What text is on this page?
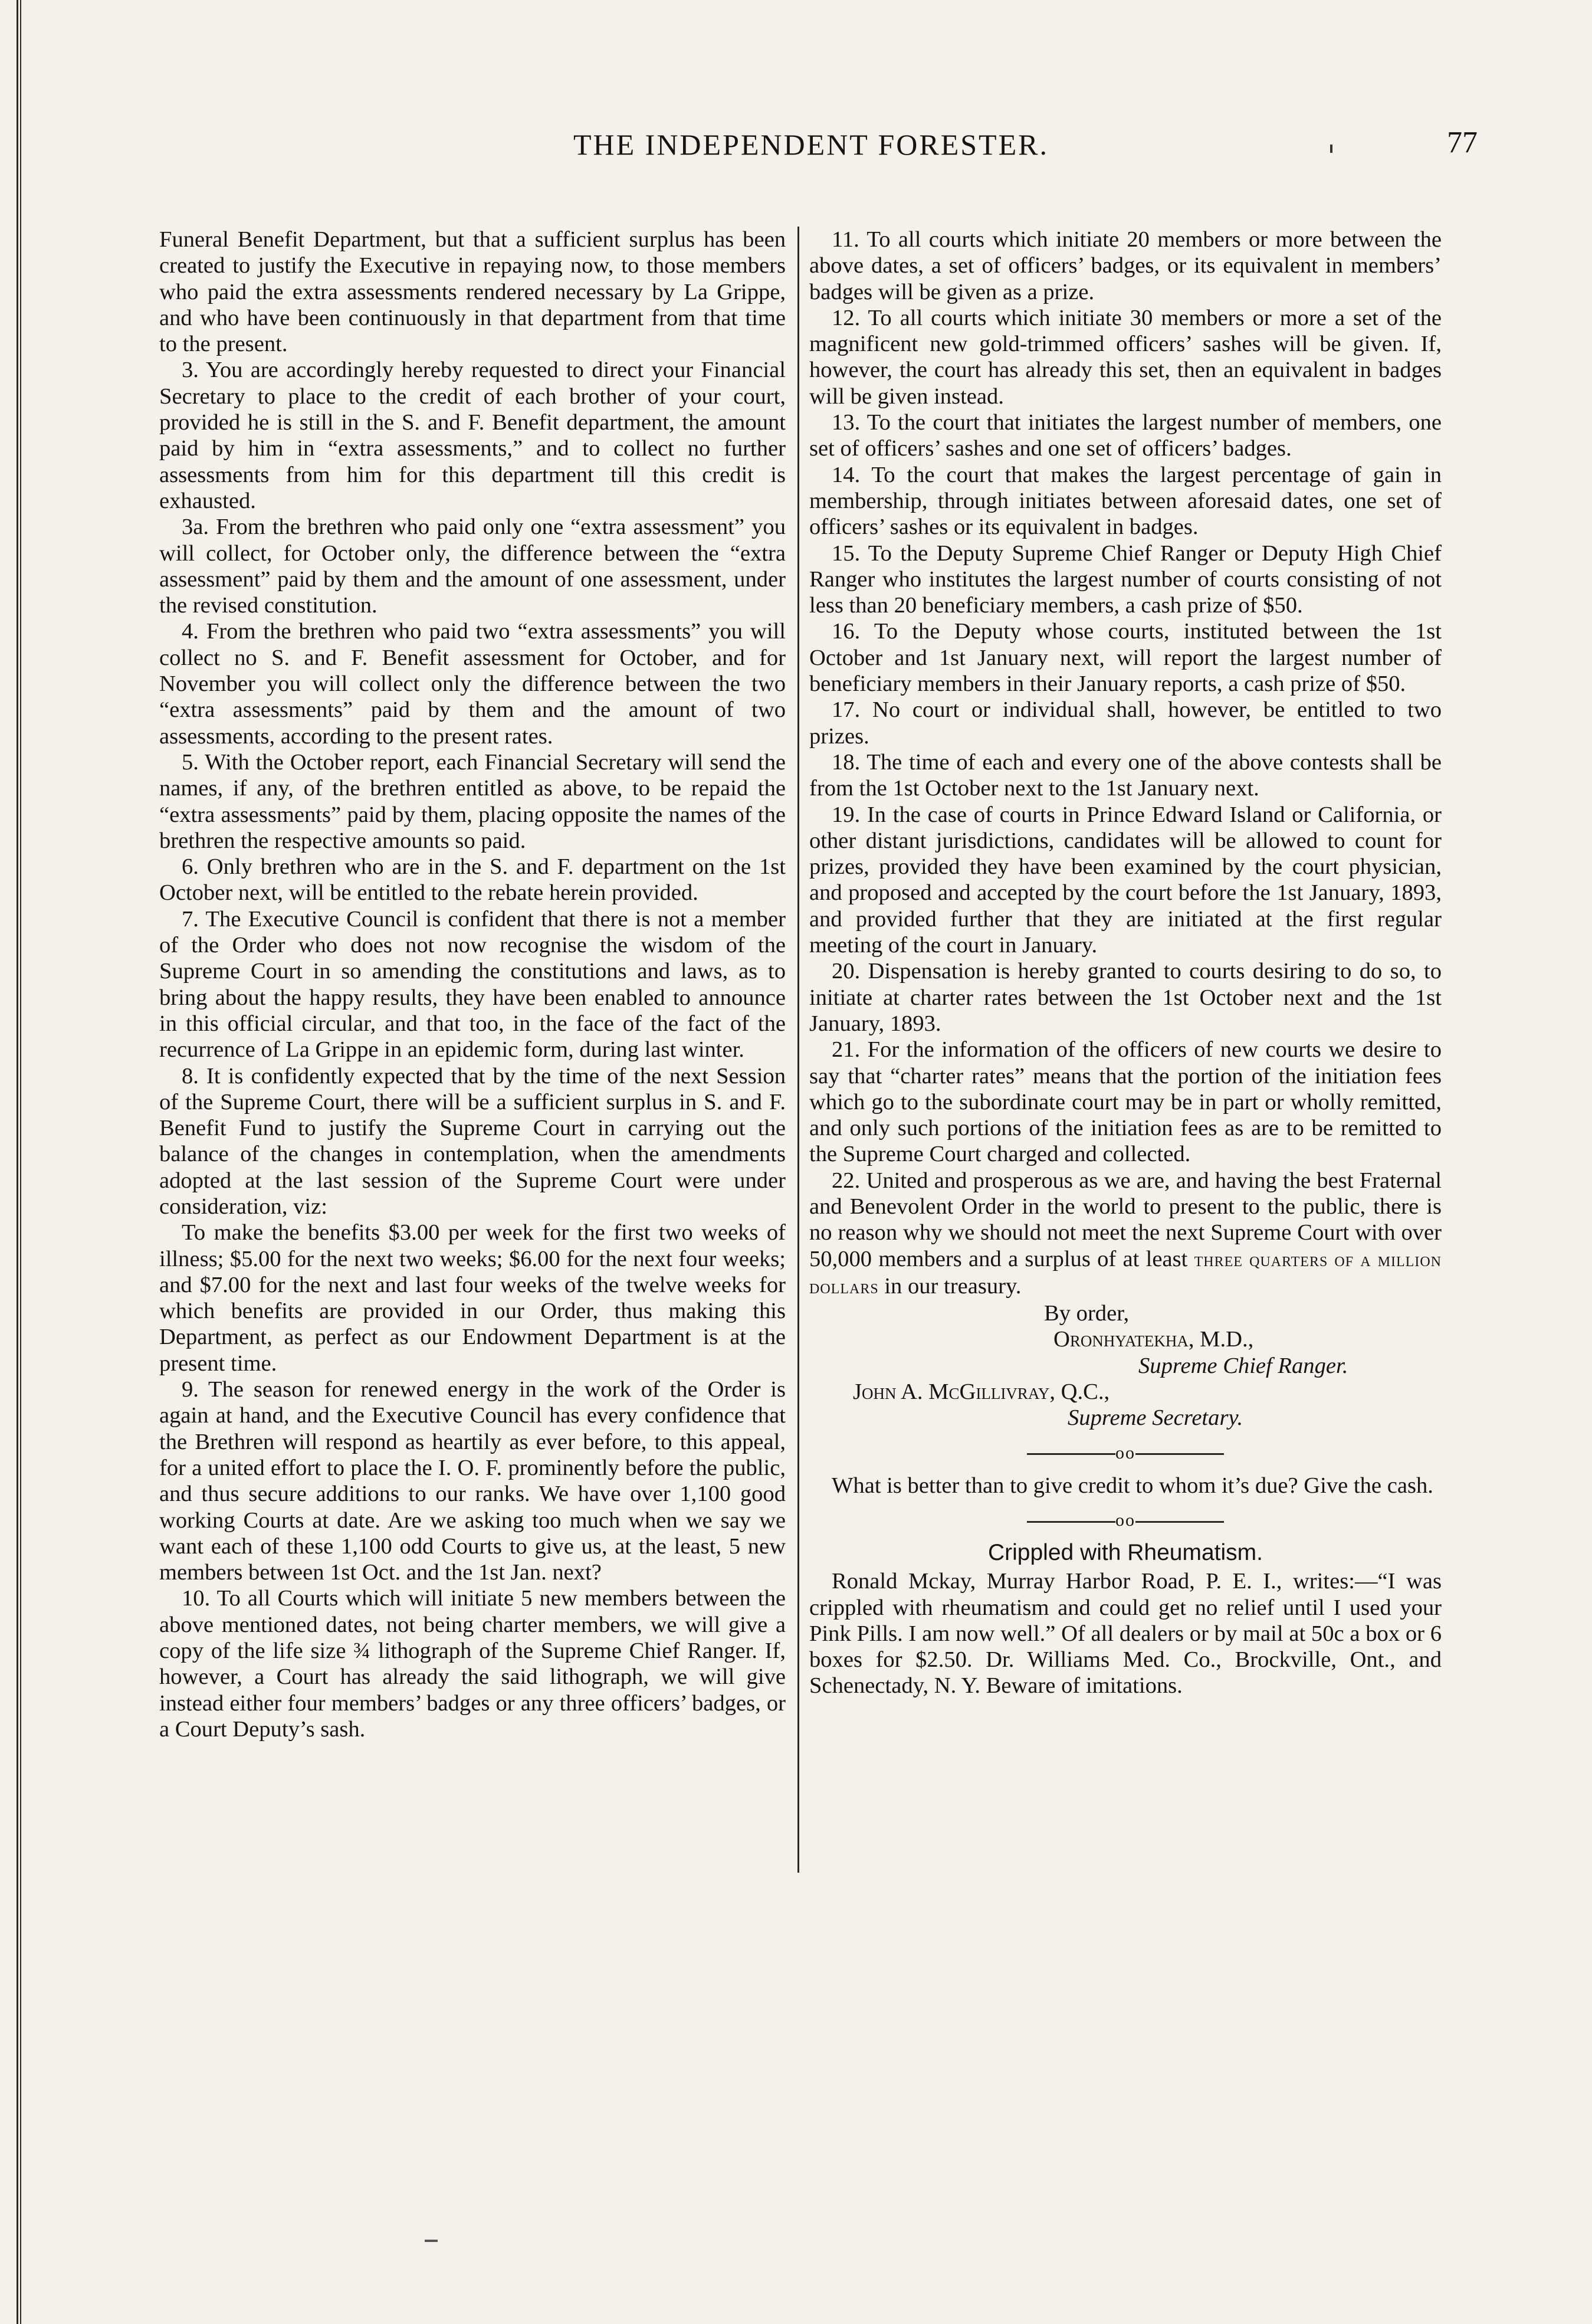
THE INDEPENDENT FORESTER.	77

Funeral Benefit Department, but that a sufficient surplus has been created to justify the Executive in repaying now, to those members who paid the extra assessments rendered necessary by La Grippe, and who have been continuously in that department from that time to the present.

3. You are accordingly hereby requested to direct your Financial Secretary to place to the credit of each brother of your court, provided he is still in the S. and F. Benefit department, the amount paid by him in “extra assessments,” and to collect no further assessments from him for this department till this credit is exhausted.

3a. From the brethren who paid only one “extra assessment” you will collect, for October only, the difference between the “extra assessment” paid by them and the amount of one assessment, under the revised constitution.

4. From the brethren who paid two “extra assessments” you will collect no S. and F. Benefit assessment for October, and for November you will collect only the difference between the two “extra assessments” paid by them and the amount of two assessments, according to the present rates.

5. With the October report, each Financial Secretary will send the names, if any, of the brethren entitled as above, to be repaid the “extra assessments” paid by them, placing opposite the names of the brethren the respective amounts so paid.

6. Only brethren who are in the S. and F. department on the 1st October next, will be entitled to the rebate herein provided.

7. The Executive Council is confident that there is not a member of the Order who does not now recognise the wisdom of the Supreme Court in so amending the constitutions and laws, as to bring about the happy results, they have been enabled to announce in this official circular, and that too, in the face of the fact of the recurrence of La Grippe in an epidemic form, during last winter.

8. It is confidently expected that by the time of the next Session of the Supreme Court, there will be a sufficient surplus in S. and F. Benefit Fund to justify the Supreme Court in carrying out the balance of the changes in contemplation, when the amendments adopted at the last session of the Supreme Court were under consideration, viz:

To make the benefits $3.00 per week for the first two weeks of illness; $5.00 for the next two weeks; $6.00 for the next four weeks; and $7.00 for the next and last four weeks of the twelve weeks for which benefits are provided in our Order, thus making this Department, as perfect as our Endowment Department is at the present time.

9. The season for renewed energy in the work of the Order is again at hand, and the Executive Council has every confidence that the Brethren will respond as heartily as ever before, to this appeal, for a united effort to place the I. O. F. prominently before the public, and thus secure additions to our ranks. We have over 1,100 good working Courts at date. Are we asking too much when we say we want each of these 1,100 odd Courts to give us, at the least, 5 new members between 1st Oct. and the 1st Jan. next?

10. To all Courts which will initiate 5 new members between the above mentioned dates, not being charter members, we will give a copy of the life size ¾ lithograph of the Supreme Chief Ranger. If, however, a Court has already the said lithograph, we will give instead either four members’ badges or any three officers’ badges, or a Court Deputy’s sash.

11. To all courts which initiate 20 members or more between the above dates, a set of officers’ badges, or its equivalent in members’ badges will be given as a prize.

12. To all courts which initiate 30 members or more a set of the magnificent new gold-trimmed officers’ sashes will be given. If, however, the court has already this set, then an equivalent in badges will be given instead.

13. To the court that initiates the largest number of members, one set of officers’ sashes and one set of officers’ badges.

14. To the court that makes the largest percentage of gain in membership, through initiates between aforesaid dates, one set of officers’ sashes or its equivalent in badges.

15. To the Deputy Supreme Chief Ranger or Deputy High Chief Ranger who institutes the largest number of courts consisting of not less than 20 beneficiary members, a cash prize of $50.

16. To the Deputy whose courts, instituted between the 1st October and 1st January next, will report the largest number of beneficiary members in their January reports, a cash prize of $50.

17. No court or individual shall, however, be entitled to two prizes.

18. The time of each and every one of the above contests shall be from the 1st October next to the 1st January next.

19. In the case of courts in Prince Edward Island or California, or other distant jurisdictions, candidates will be allowed to count for prizes, provided they have been examined by the court physician, and proposed and accepted by the court before the 1st January, 1893, and provided further that they are initiated at the first regular meeting of the court in January.

20. Dispensation is hereby granted to courts desiring to do so, to initiate at charter rates between the 1st October next and the 1st January, 1893.

21. For the information of the officers of new courts we desire to say that “charter rates” means that the portion of the initiation fees which go to the subordinate court may be in part or wholly remitted, and only such portions of the initiation fees as are to be remitted to the Supreme Court charged and collected.

22. United and prosperous as we are, and having the best Fraternal and Benevolent Order in the world to present to the public, there is no reason why we should not meet the next Supreme Court with over 50,000 members and a surplus of at least three quarters of a million dollars in our treasury.

By order,

Oronhyatekha, M.D.,

Supreme Chief Ranger.

John A. McGillivray, Q.C.,

Supreme Secretary.

oo

What is better than to give credit to whom it’s due? Give the cash.

oo
Crippled with Rheumatism.

Ronald Mckay, Murray Harbor Road, P. E. I., writes:—“I was crippled with rheumatism and could get no relief until I used your Pink Pills. I am now well.” Of all dealers or by mail at 50c a box or 6 boxes for $2.50. Dr. Williams Med. Co., Brockville, Ont., and Schenectady, N. Y. Beware of imitations.
